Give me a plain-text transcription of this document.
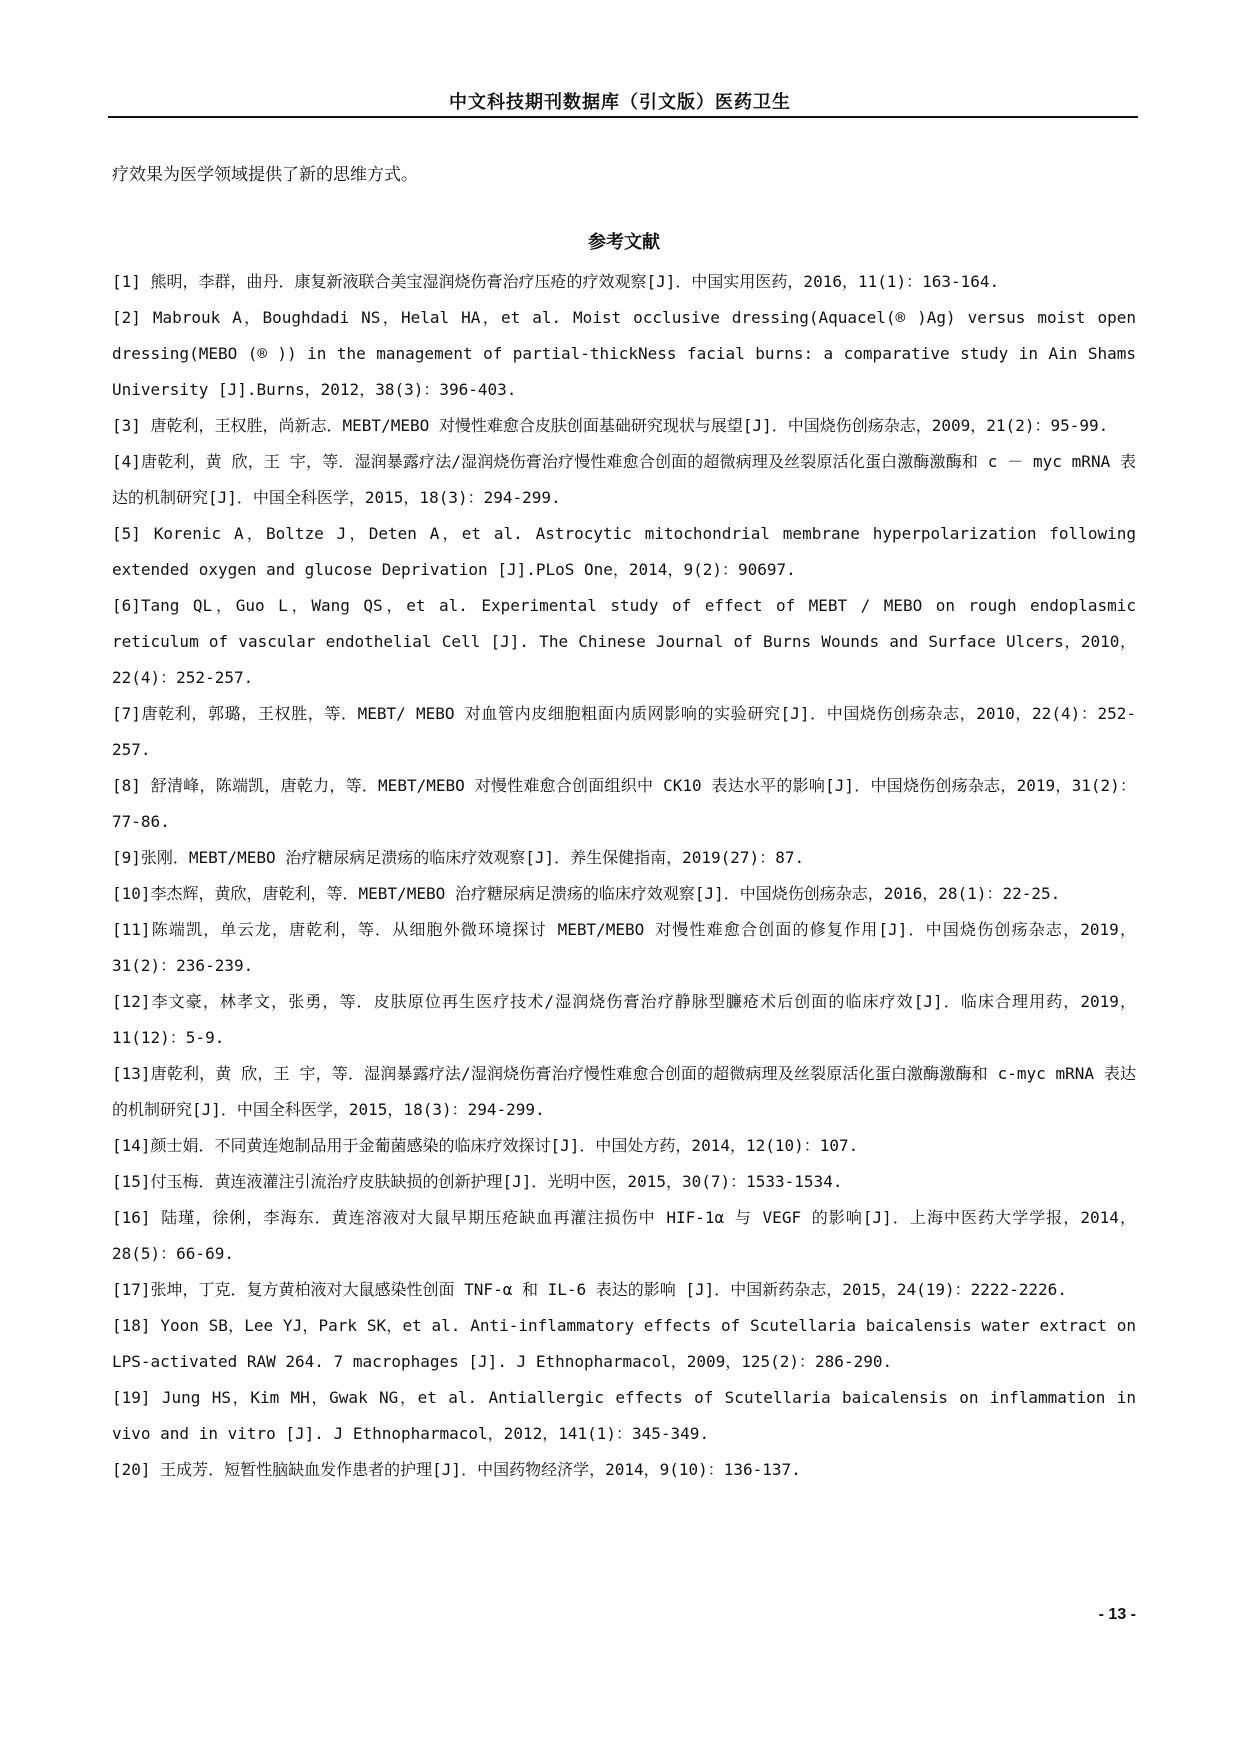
中文科技期刊数据库（引文版）医药卫生
疗效果为医学领域提供了新的思维方式。
参考文献

[1] 熊明，李群，曲丹．康复新液联合美宝湿润烧伤膏治疗压疮的疗效观察[J]．中国实用医药，2016，11(1)：163-164.

[2] Mabrouk A，Boughdadi NS，Helal HA，et al. Moist occlusive dressing(Aquacel(® )Ag) versus moist open dressing(MEBO (® )) in the management of partial-thickNess facial burns: a comparative study in Ain Shams University [J].Burns，2012，38(3)：396-403.

[3] 唐乾利，王权胜，尚新志．MEBT/MEBO 对慢性难愈合皮肤创面基础研究现状与展望[J]．中国烧伤创疡杂志，2009，21(2)：95-99.

[4]唐乾利，黄 欣，王 宇，等．湿润暴露疗法/湿润烧伤膏治疗慢性难愈合创面的超微病理及丝裂原活化蛋白激酶激酶和 c － myc mRNA 表达的机制研究[J]．中国全科医学，2015，18(3)：294-299.

[5] Korenic A，Boltze J，Deten A，et al. Astrocytic mitochondrial membrane hyperpolarization following extended oxygen and glucose Deprivation [J].PLoS One，2014，9(2)：90697.

[6]Tang QL，Guo L，Wang QS，et al. Experimental study of effect of MEBT / MEBO on rough endoplasmic reticulum of vascular endothelial Cell [J]. The Chinese Journal of Burns Wounds and Surface Ulcers，2010，22(4)：252-257.

[7]唐乾利，郭璐，王权胜，等．MEBT/ MEBO 对血管内皮细胞粗面内质网影响的实验研究[J]．中国烧伤创疡杂志，2010，22(4)：252-257.

[8] 舒清峰，陈端凯，唐乾力，等．MEBT/MEBO 对慢性难愈合创面组织中 CK10 表达水平的影响[J]．中国烧伤创疡杂志，2019，31(2)：77-86.

[9]张刚．MEBT/MEBO 治疗糖尿病足溃疡的临床疗效观察[J]．养生保健指南，2019(27)：87.

[10]李杰辉，黄欣，唐乾利，等．MEBT/MEBO 治疗糖尿病足溃疡的临床疗效观察[J]．中国烧伤创疡杂志，2016，28(1)：22-25.

[11]陈端凯，单云龙，唐乾利，等．从细胞外微环境探讨 MEBT/MEBO 对慢性难愈合创面的修复作用[J]．中国烧伤创疡杂志，2019，31(2)：236-239.

[12]李文豪，林孝文，张勇，等．皮肤原位再生医疗技术/湿润烧伤膏治疗静脉型臁疮术后创面的临床疗效[J]．临床合理用药，2019，11(12)：5-9.

[13]唐乾利，黄 欣，王 宇，等．湿润暴露疗法/湿润烧伤膏治疗慢性难愈合创面的超微病理及丝裂原活化蛋白激酶激酶和 c-myc mRNA 表达的机制研究[J]．中国全科医学，2015，18(3)：294-299.

[14]颜士娟．不同黄连炮制品用于金葡菌感染的临床疗效探讨[J]．中国处方药，2014，12(10)：107.

[15]付玉梅．黄连液灌注引流治疗皮肤缺损的创新护理[J]．光明中医，2015，30(7)：1533-1534.

[16] 陆瑾，徐俐，李海东．黄连溶液对大鼠早期压疮缺血再灌注损伤中 HIF-1α 与 VEGF 的影响[J]．上海中医药大学学报，2014，28(5)：66-69.

[17]张坤，丁克．复方黄柏液对大鼠感染性创面 TNF-α 和 IL-6 表达的影响 [J]．中国新药杂志，2015，24(19)：2222-2226.

[18] Yoon SB，Lee YJ，Park SK，et al. Anti-inflammatory effects of Scutellaria baicalensis water extract on LPS-activated RAW 264. 7 macrophages [J]. J Ethnopharmacol，2009，125(2)：286-290.

[19] Jung HS，Kim MH，Gwak NG，et al. Antiallergic effects of Scutellaria baicalensis on inflammation in vivo and in vitro [J]. J Ethnopharmacol，2012，141(1)：345-349.

[20] 王成芳．短暂性脑缺血发作患者的护理[J]．中国药物经济学，2014，9(10)：136-137.

- 13 -
